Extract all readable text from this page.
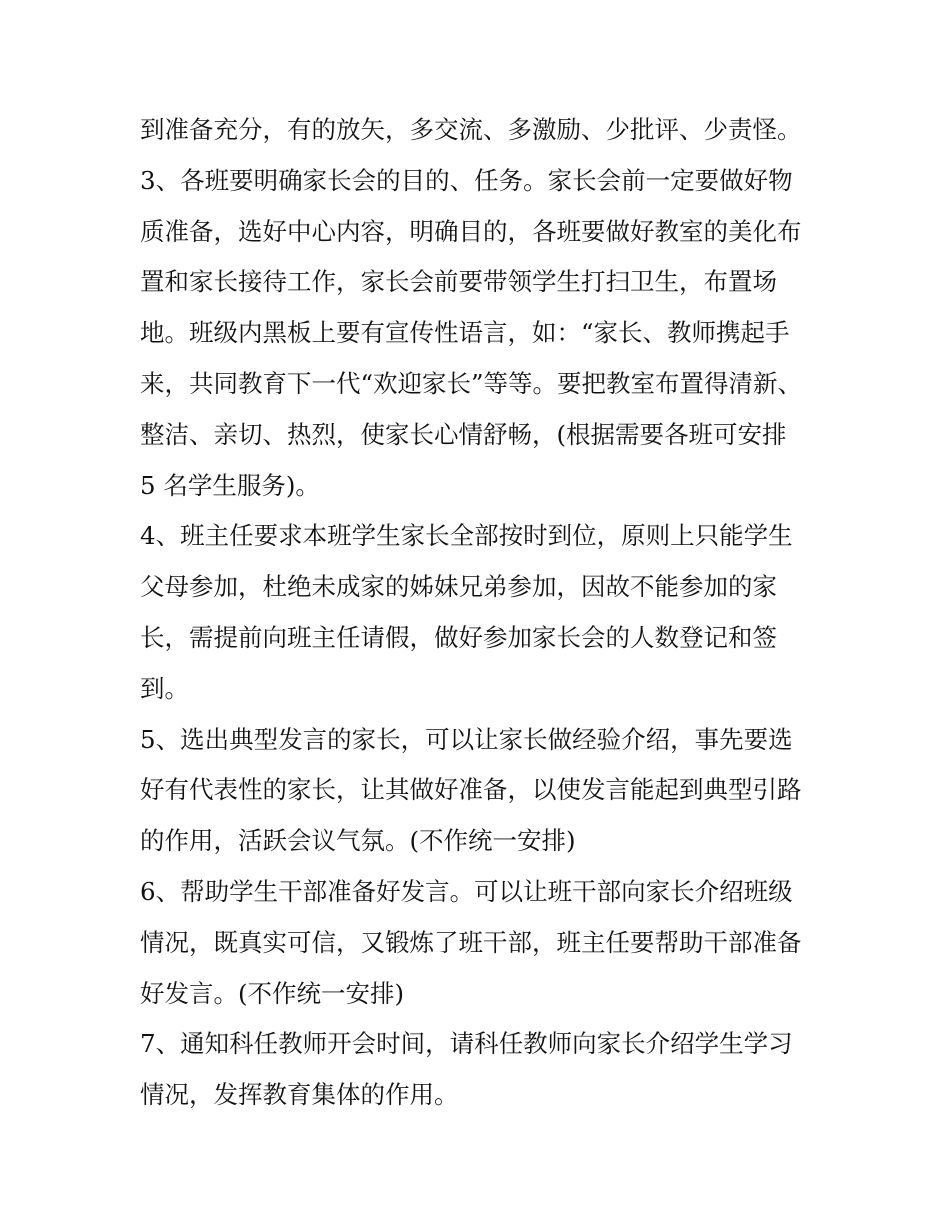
到准备充分，有的放矢，多交流、多激励、少批评、少责怪。
3、各班要明确家长会的目的、任务。家长会前一定要做好物
质准备，选好中心内容，明确目的，各班要做好教室的美化布
置和家长接待工作，家长会前要带领学生打扫卫生，布置场
地。班级内黑板上要有宣传性语言，如：“家长、教师携起手
来，共同教育下一代“欢迎家长”等等。要把教室布置得清新、
整洁、亲切、热烈，使家长心情舒畅，(根据需要各班可安排
5 名学生服务)。
4、班主任要求本班学生家长全部按时到位，原则上只能学生
父母参加，杜绝未成家的姊妹兄弟参加，因故不能参加的家
长，需提前向班主任请假，做好参加家长会的人数登记和签
到。
5、选出典型发言的家长，可以让家长做经验介绍，事先要选
好有代表性的家长，让其做好准备，以使发言能起到典型引路
的作用，活跃会议气氛。(不作统一安排)
6、帮助学生干部准备好发言。可以让班干部向家长介绍班级
情况，既真实可信，又锻炼了班干部，班主任要帮助干部准备
好发言。(不作统一安排)
7、通知科任教师开会时间，请科任教师向家长介绍学生学习
情况，发挥教育集体的作用。
